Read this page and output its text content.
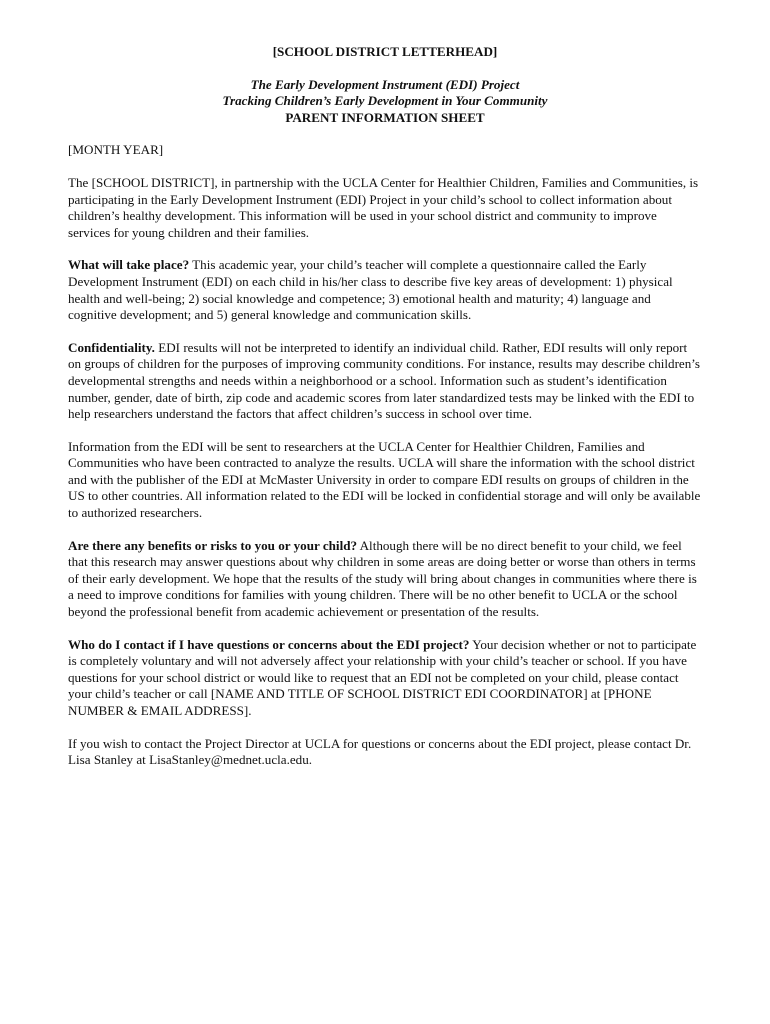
[SCHOOL DISTRICT LETTERHEAD]
The Early Development Instrument (EDI) Project
Tracking Children’s Early Development in Your Community
PARENT INFORMATION SHEET
[MONTH YEAR]

The [SCHOOL DISTRICT], in partnership with the UCLA Center for Healthier Children, Families and Communities, is participating in the Early Development Instrument (EDI) Project in your child’s school to collect information about children’s healthy development. This information will be used in your school district and community to improve services for young children and their families.

What will take place? This academic year, your child’s teacher will complete a questionnaire called the Early Development Instrument (EDI) on each child in his/her class to describe five key areas of development: 1) physical health and well-being; 2) social knowledge and competence; 3) emotional health and maturity; 4) language and cognitive development; and 5) general knowledge and communication skills.

Confidentiality. EDI results will not be interpreted to identify an individual child. Rather, EDI results will only report on groups of children for the purposes of improving community conditions. For instance, results may describe children’s developmental strengths and needs within a neighborhood or a school. Information such as student’s identification number, gender, date of birth, zip code and academic scores from later standardized tests may be linked with the EDI to help researchers understand the factors that affect children’s success in school over time.

Information from the EDI will be sent to researchers at the UCLA Center for Healthier Children, Families and Communities who have been contracted to analyze the results. UCLA will share the information with the school district and with the publisher of the EDI at McMaster University in order to compare EDI results on groups of children in the US to other countries. All information related to the EDI will be locked in confidential storage and will only be available to authorized researchers.

Are there any benefits or risks to you or your child? Although there will be no direct benefit to your child, we feel that this research may answer questions about why children in some areas are doing better or worse than others in terms of their early development. We hope that the results of the study will bring about changes in communities where there is a need to improve conditions for families with young children. There will be no other benefit to UCLA or the school beyond the professional benefit from academic achievement or presentation of the results.

Who do I contact if I have questions or concerns about the EDI project? Your decision whether or not to participate is completely voluntary and will not adversely affect your relationship with your child’s teacher or school. If you have questions for your school district or would like to request that an EDI not be completed on your child, please contact your child’s teacher or call [NAME AND TITLE OF SCHOOL DISTRICT EDI COORDINATOR] at [PHONE NUMBER & EMAIL ADDRESS].

If you wish to contact the Project Director at UCLA for questions or concerns about the EDI project, please contact Dr. Lisa Stanley at LisaStanley@mednet.ucla.edu.
